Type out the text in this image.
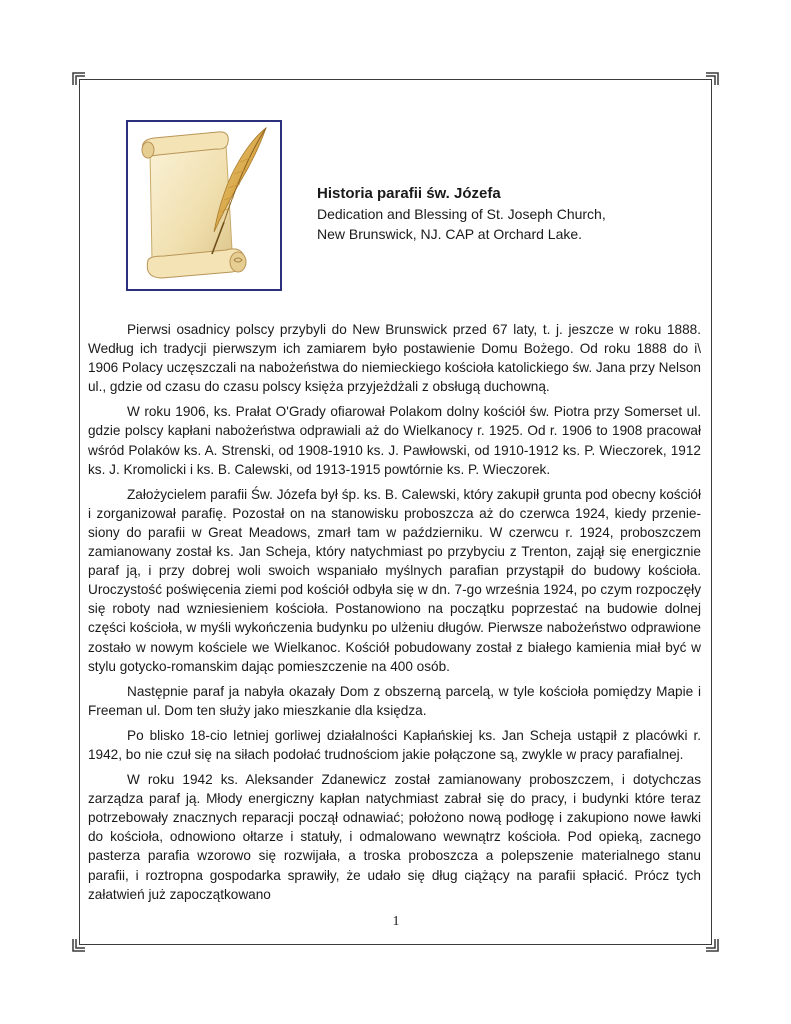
Historia parafii św. Józefa

Dedication and Blessing of St. Joseph Church,

New Brunswick, NJ. CAP at Orchard Lake.

Pierwsi osadnicy polscy przybyli do New Brunswick przed 67 laty, t. j. jeszcze w roku 1888. Według ich tradycji pierwszym ich zamiarem było postawienie Domu Bożego. Od roku 1888 do i\ 1906 Polacy uczęszczali na nabożeństwa do niemieckiego kościoła katolickiego św. Jana przy Nelson ul., gdzie od czasu do czasu polscy księża przyjeżdżali z obsługą duchowną.

W roku 1906, ks. Prałat O'Grady ofiarował Polakom dolny kościół św. Piotra przy Somerset ul. gdzie polscy kapłani nabożeństwa odprawiali aż do Wielkanocy r. 1925. Od r. 1906 to 1908 pracował wśród Polaków ks. A. Strenski, od 1908-1910 ks. J. Pawłowski, od 1910-1912 ks. P. Wieczorek, 1912 ks. J. Kromolicki i ks. B. Calewski, od 1913-1915 powtórnie ks. P. Wieczorek.

Założycielem parafii Św. Józefa był śp. ks. B. Calewski, który zakupił grunta pod obecny kościół i zorganizował parafię. Pozostał on na stanowisku proboszcza aż do czerwca 1924, kiedy przeniesiony do parafii w Great Meadows, zmarł tam w październiku. W czerwcu r. 1924, proboszczem zamianowany został ks. Jan Scheja, który natychmiast po przybyciu z Trenton, zajął się energicznie paraf ją, i przy dobrej woli swoich wspaniało myślnych parafian przystąpił do budowy kościoła. Uroczystość poświęcenia ziemi pod kościół odbyła się w dn. 7-go września 1924, po czym rozpoczęły się roboty nad wzniesieniem kościoła. Postanowiono na początku poprzestać na budowie dolnej części kościoła, w myśli wykończenia budynku po ulżeniu długów. Pierwsze nabożeństwo odprawione zostało w nowym kościele we Wielkanoc. Kościół pobudowany został z białego kamienia miał być w stylu gotycko-romanskim dając pomieszczenie na 400 osób.

Następnie paraf ja nabyła okazały Dom z obszerną parcelą, w tyle kościoła pomiędzy Mapie i Freeman ul. Dom ten służy jako mieszkanie dla księdza.

Po blisko 18-cio letniej gorliwej działalności Kapłańskiej ks. Jan Scheja ustąpił z placówki r. 1942, bo nie czuł się na siłach podołać trudnościom jakie połączone są, zwykle w pracy parafialnej.

W roku 1942 ks. Aleksander Zdanewicz został zamianowany proboszczem, i dotychczas zarządza paraf ją. Młody energiczny kapłan natychmiast zabrał się do pracy, i budynki które teraz potrzebowały znacznych reparacji począł odnawiać; położono nową podłogę i zakupiono nowe ławki do kościoła, odnowiono ołtarze i statuły, i odmalowano wewnątrz kościoła. Pod opieką, zacnego pasterza parafia wzorowo się rozwijała, a troska proboszcza a polepszenie materialnego stanu parafii, i roztropna gospodarka sprawiły, że udało się dług ciążący na parafii spłacić. Prócz tych załatwień już zapoczątkowano

1
